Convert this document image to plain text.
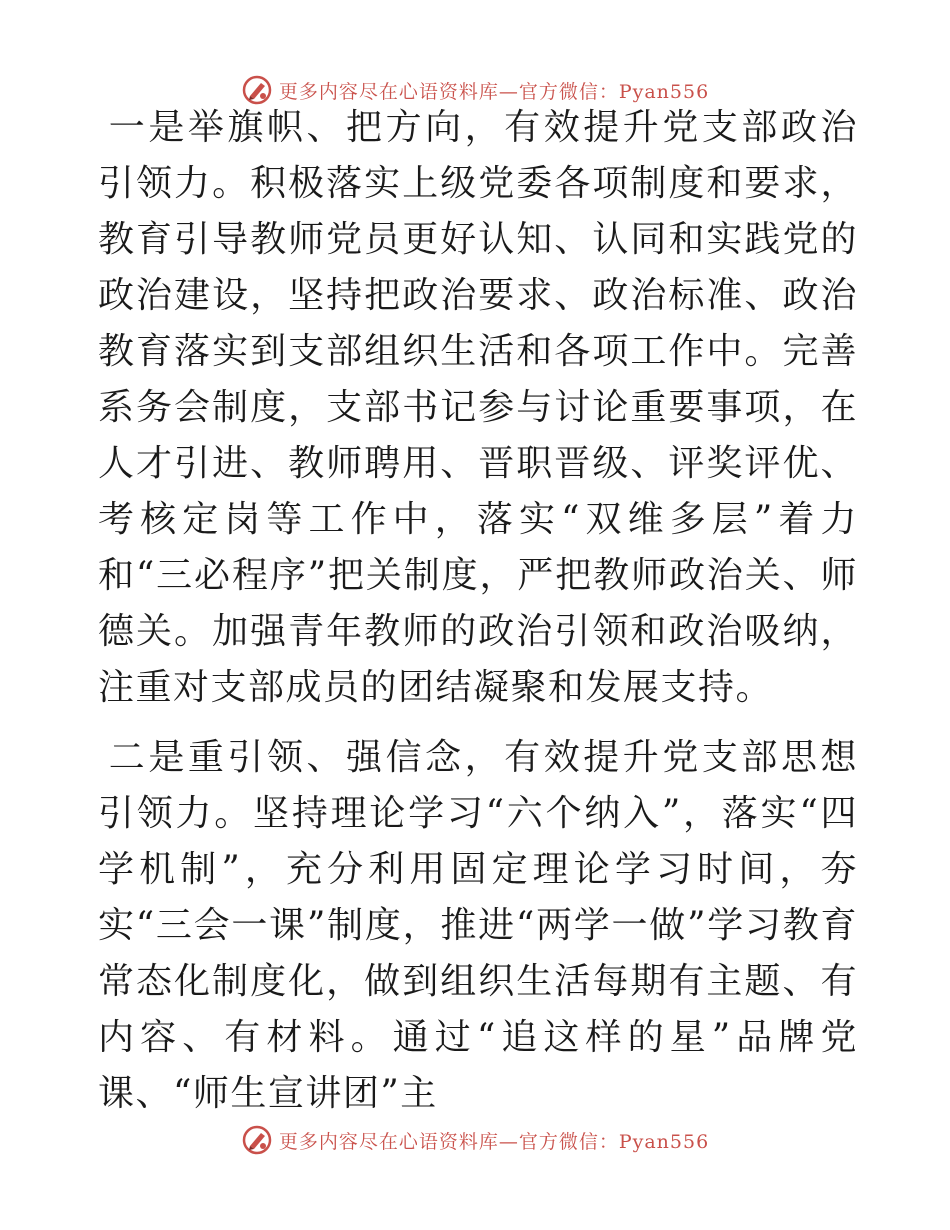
更多内容尽在心语资料库—官方微信：Pyan556

一是举旗帜、把方向，有效提升党支部政治引领力。积极落实上级党委各项制度和要求，教育引导教师党员更好认知、认同和实践党的政治建设，坚持把政治要求、政治标准、政治教育落实到支部组织生活和各项工作中。完善系务会制度，支部书记参与讨论重要事项，在人才引进、教师聘用、晋职晋级、评奖评优、考核定岗等工作中，落实“双维多层”着力和“三必程序”把关制度，严把教师政治关、师德关。加强青年教师的政治引领和政治吸纳，注重对支部成员的团结凝聚和发展支持。

二是重引领、强信念，有效提升党支部思想引领力。坚持理论学习“六个纳入”，落实“四学机制”，充分利用固定理论学习时间，夯实“三会一课”制度，推进“两学一做”学习教育常态化制度化，做到组织生活每期有主题、有内容、有材料。通过“追这样的星”品牌党课、“师生宣讲团”主

更多内容尽在心语资料库—官方微信：Pyan556
